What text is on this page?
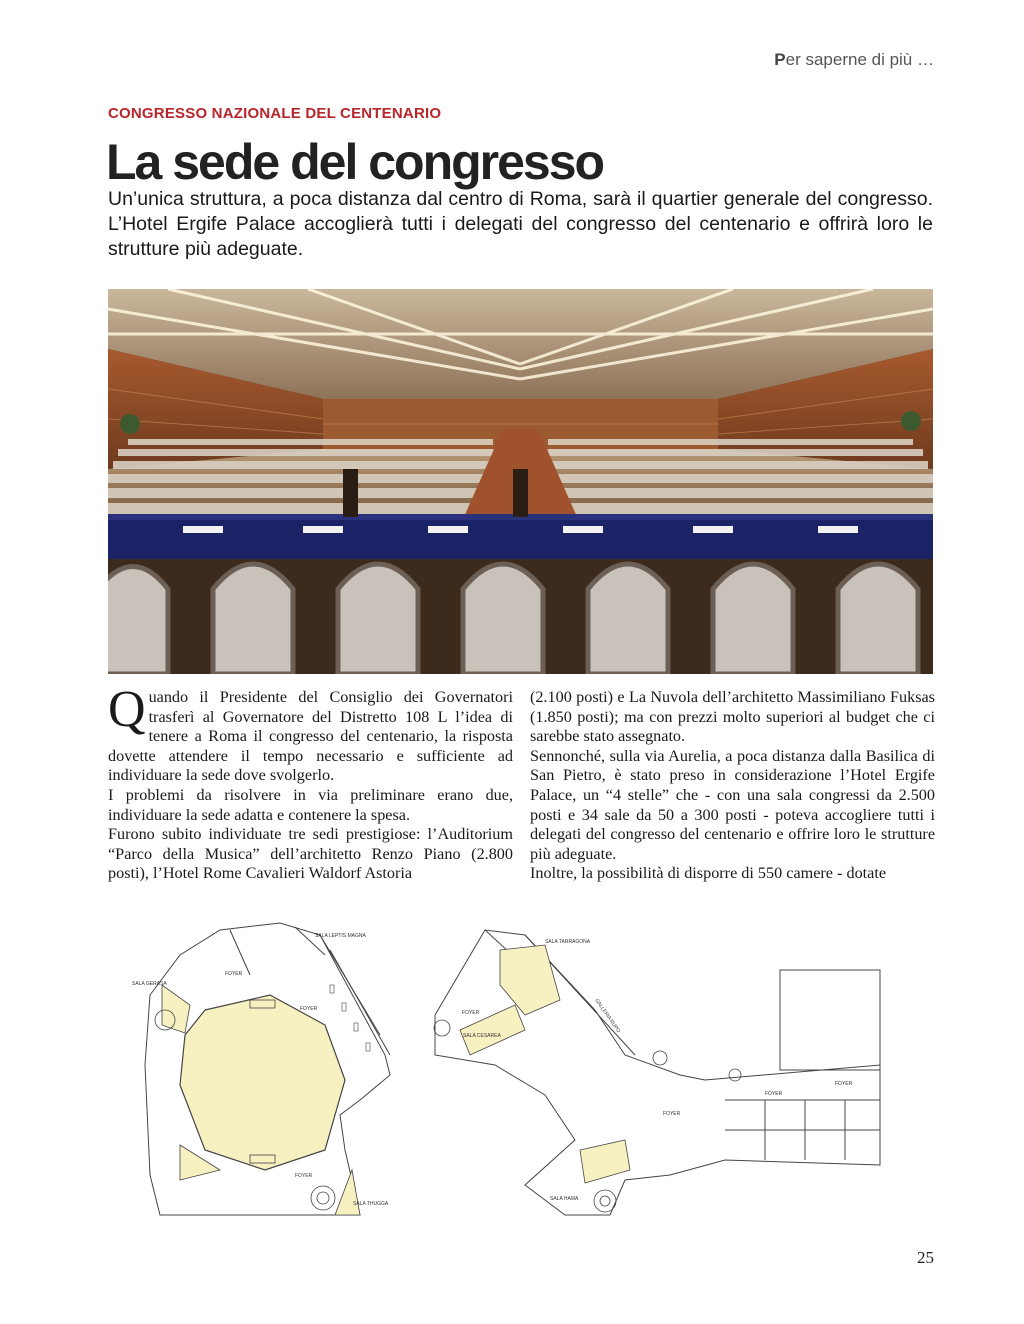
Per saperne di più …
CONGRESSO NAZIONALE DEL CENTENARIO
La sede del congresso

Un’unica struttura, a poca distanza dal centro di Roma, sarà il quartier generale del congresso. L’Hotel Ergife Palace accoglierà tutti i delegati del congresso del centenario e offrirà loro le strutture più adeguate.

Quando il Presidente del Consiglio dei Governatori trasferì al Governatore del Distretto 108 L l’idea di tenere a Roma il congresso del centenario, la risposta dovette attendere il tempo necessario e sufficiente ad individuare la sede dove svolgerlo.

I problemi da risolvere in via preliminare erano due, individuare la sede adatta e contenere la spesa.

Furono subito individuate tre sedi prestigiose: l’Auditorium “Parco della Musica” dell’architetto Renzo Piano (2.800 posti), l’Hotel Rome Cavalieri Waldorf Astoria

(2.100 posti) e La Nuvola dell’architetto Massimiliano Fuksas (1.850 posti); ma con prezzi molto superiori al budget che ci sarebbe stato assegnato.

Sennonché, sulla via Aurelia, a poca distanza dalla Basilica di San Pietro, è stato preso in considerazione l’Hotel Ergife Palace, un “4 stelle” che - con una sala congressi da 2.500 posti e 34 sale da 50 a 300 posti - poteva accogliere tutti i delegati del congresso del centenario e offrire loro le strutture più adeguate.

Inoltre, la possibilità di disporre di 550 camere - dotate

SALA LEPTIS MAGNA
SALA GERASA
FOYER
FOYER
FOYER
SALA THUGGA
SALA TARRAGONA
SALA CESAREA
FOYER	GALLERIA RUPO
FOYER
FOYER
FOYER
SALA HAMA
25
